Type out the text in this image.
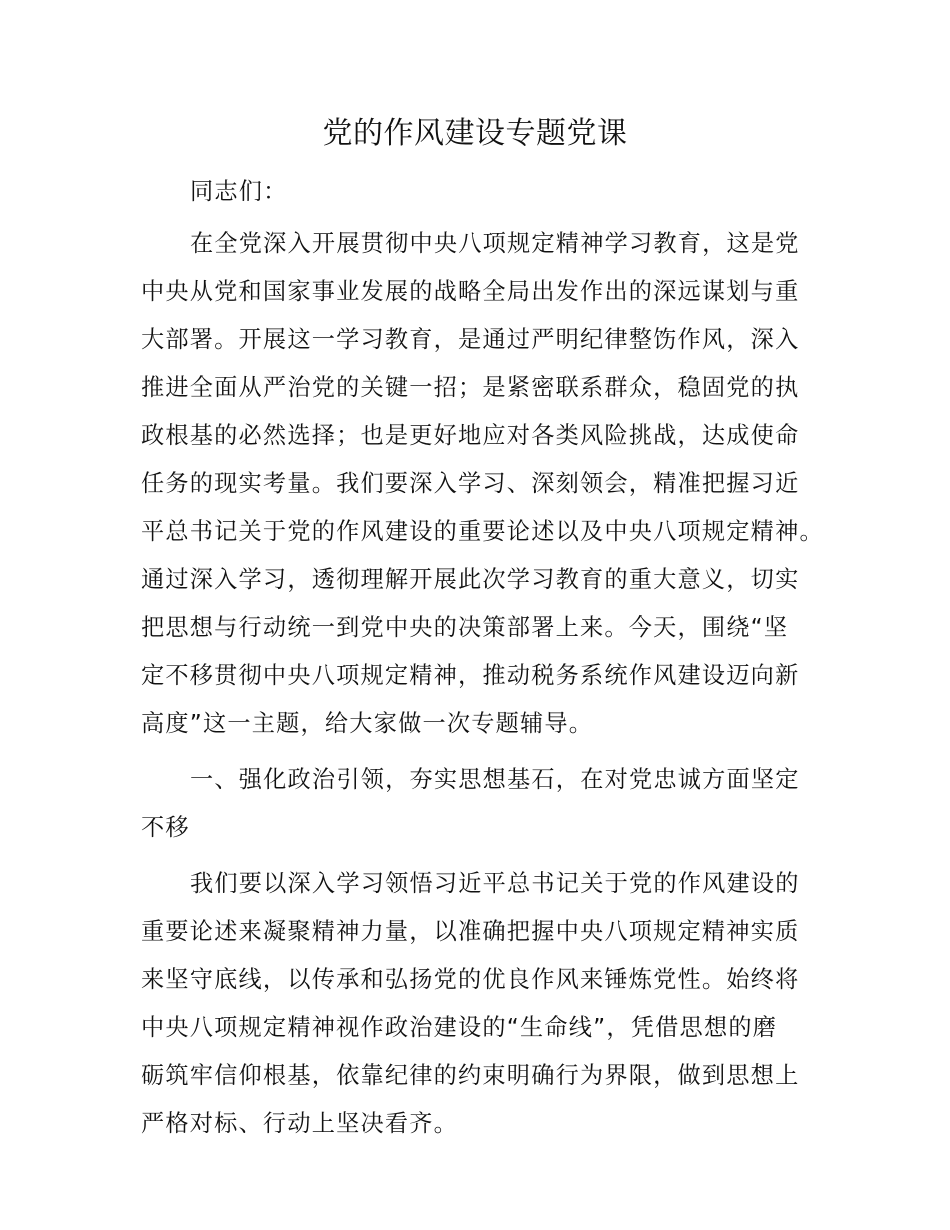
党的作风建设专题党课
同志们：
在全党深入开展贯彻中央八项规定精神学习教育，这是党
中央从党和国家事业发展的战略全局出发作出的深远谋划与重
大部署。开展这一学习教育，是通过严明纪律整饬作风，深入
推进全面从严治党的关键一招；是紧密联系群众，稳固党的执
政根基的必然选择；也是更好地应对各类风险挑战，达成使命
任务的现实考量。我们要深入学习、深刻领会，精准把握习近
平总书记关于党的作风建设的重要论述以及中央八项规定精神。
通过深入学习，透彻理解开展此次学习教育的重大意义，切实
把思想与行动统一到党中央的决策部署上来。今天，围绕“坚
定不移贯彻中央八项规定精神，推动税务系统作风建设迈向新
高度”这一主题，给大家做一次专题辅导。
一、强化政治引领，夯实思想基石，在对党忠诚方面坚定
不移
我们要以深入学习领悟习近平总书记关于党的作风建设的
重要论述来凝聚精神力量，以准确把握中央八项规定精神实质
来坚守底线，以传承和弘扬党的优良作风来锤炼党性。始终将
中央八项规定精神视作政治建设的“生命线”，凭借思想的磨
砺筑牢信仰根基，依靠纪律的约束明确行为界限，做到思想上
严格对标、行动上坚决看齐。
